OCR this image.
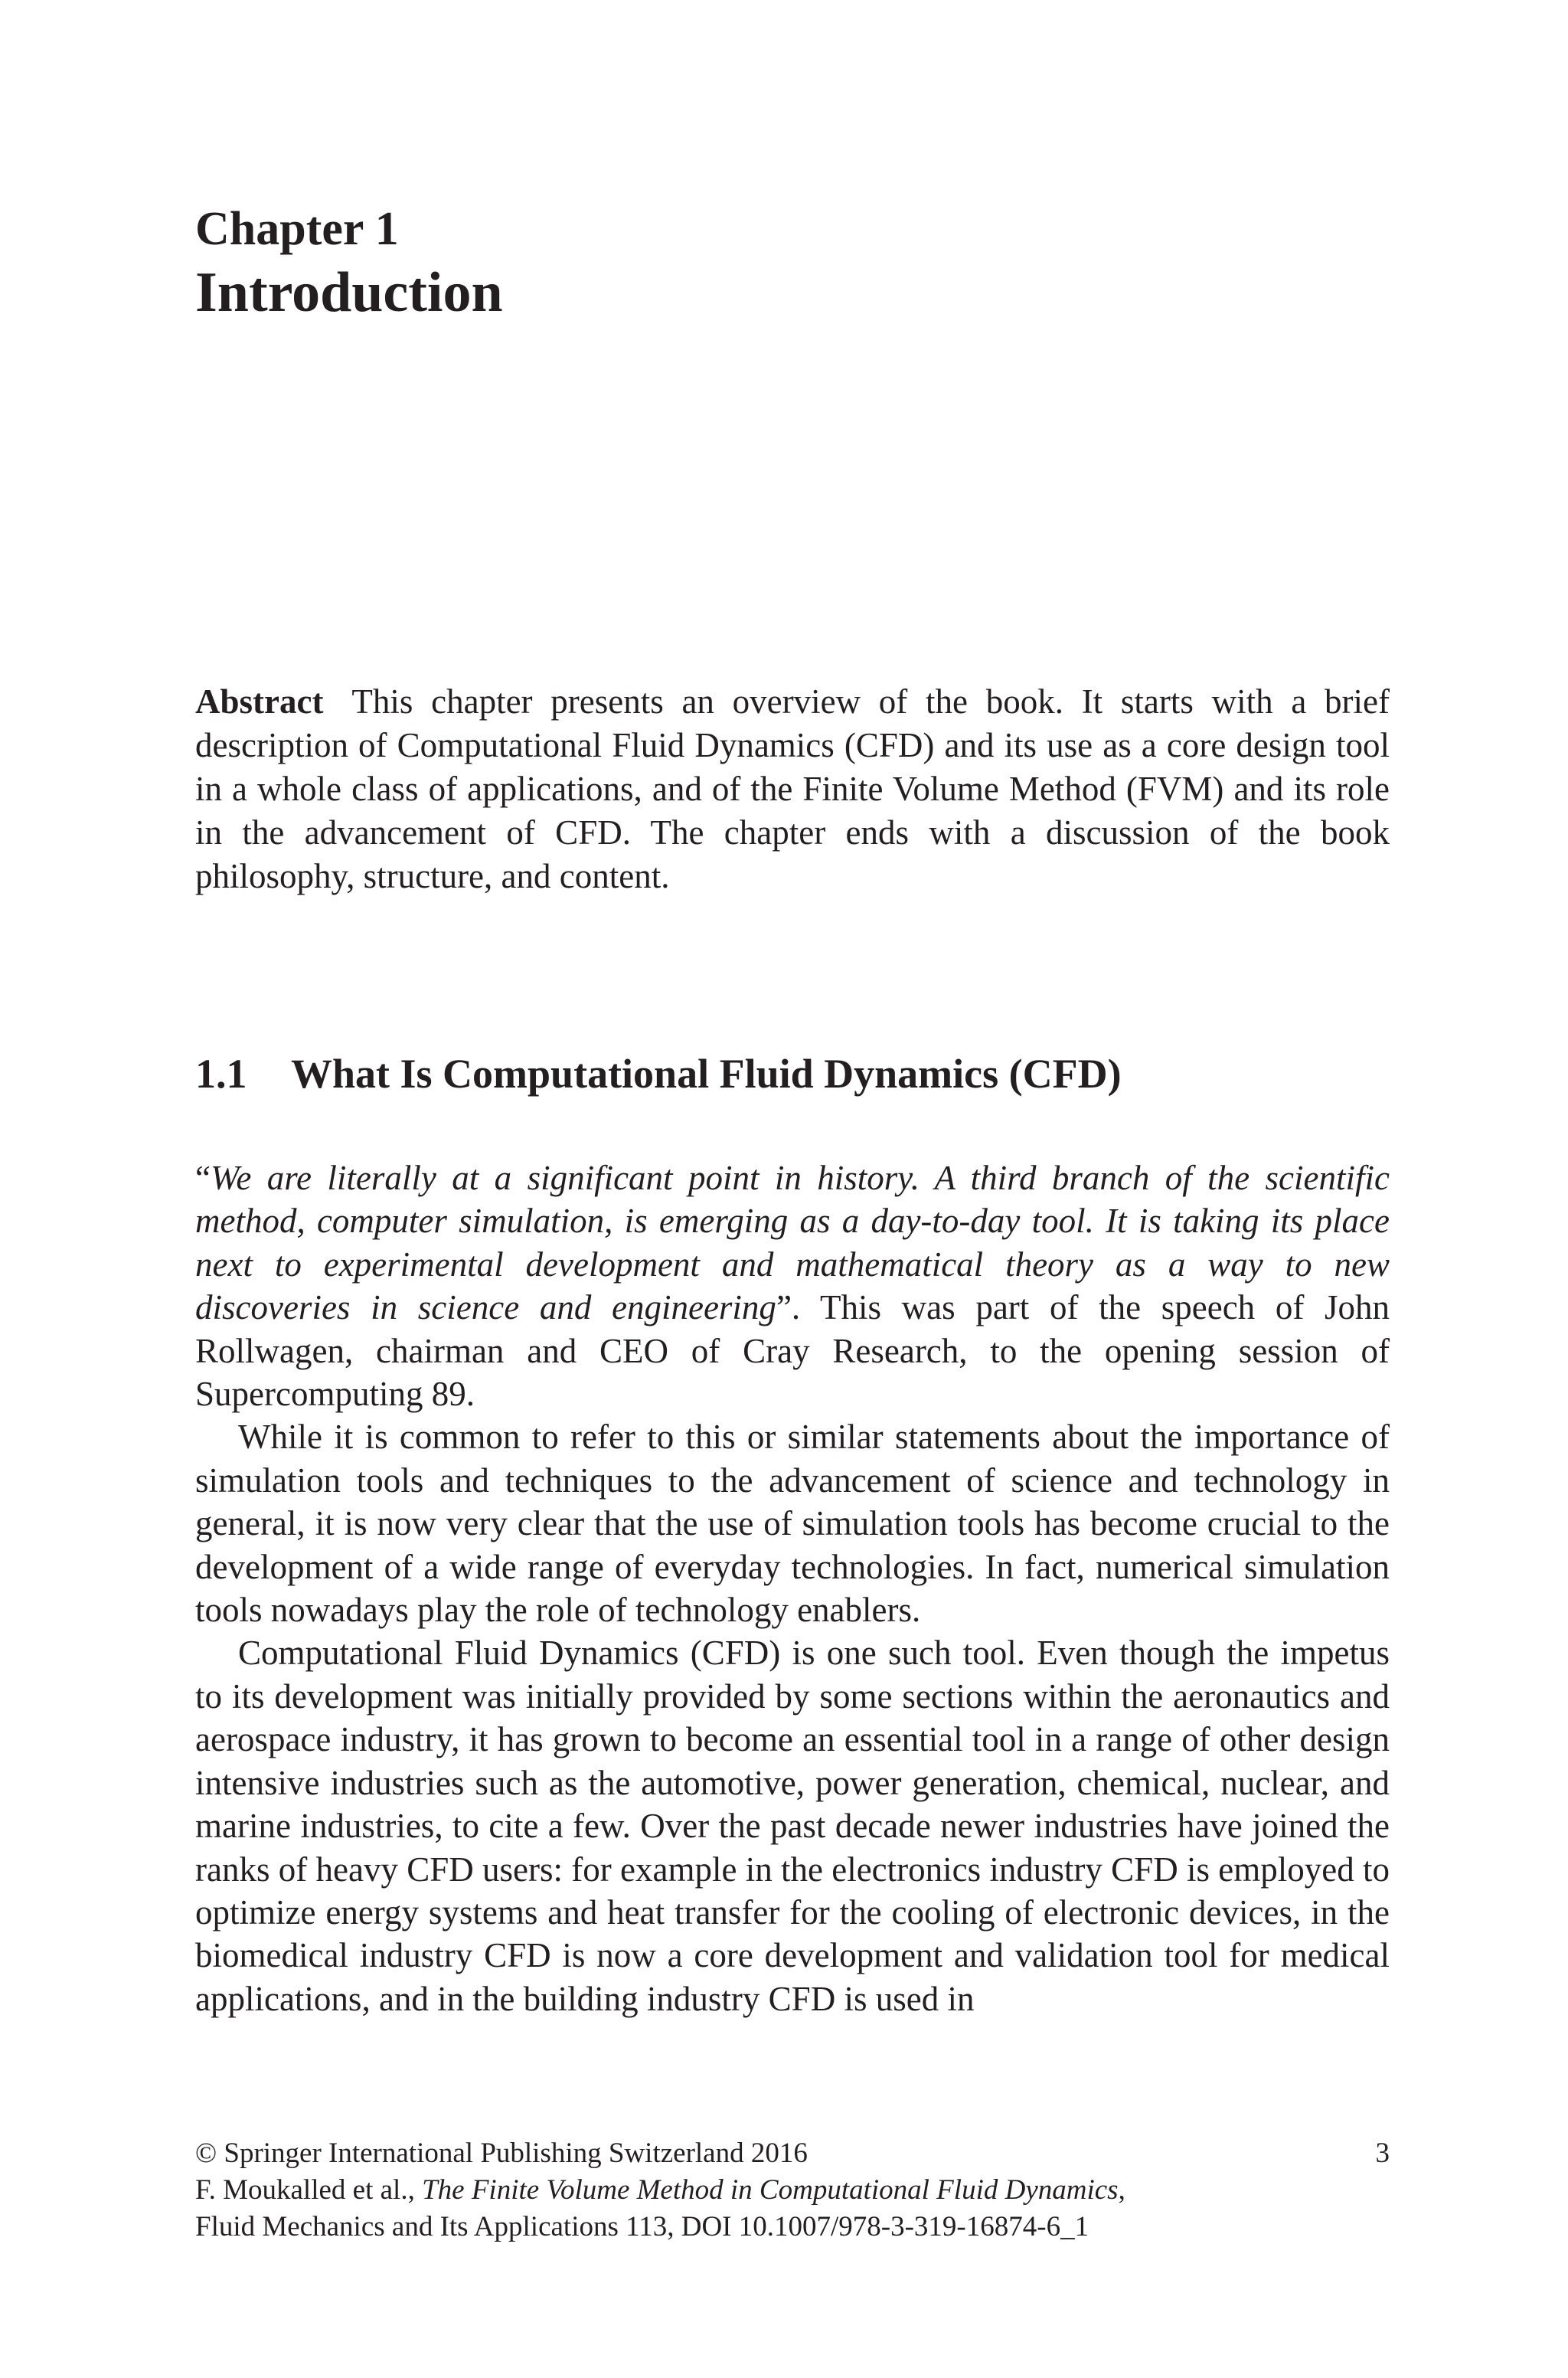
Chapter 1
Introduction

Abstract This chapter presents an overview of the book. It starts with a brief description of Computational Fluid Dynamics (CFD) and its use as a core design tool in a whole class of applications, and of the Finite Volume Method (FVM) and its role in the advancement of CFD. The chapter ends with a discussion of the book philosophy, structure, and content.

1.1 What Is Computational Fluid Dynamics (CFD)

“We are literally at a significant point in history. A third branch of the scientific method, computer simulation, is emerging as a day-to-day tool. It is taking its place next to experimental development and mathematical theory as a way to new discoveries in science and engineering”. This was part of the speech of John Rollwagen, chairman and CEO of Cray Research, to the opening session of Supercomputing 89.

While it is common to refer to this or similar statements about the importance of simulation tools and techniques to the advancement of science and technology in general, it is now very clear that the use of simulation tools has become crucial to the development of a wide range of everyday technologies. In fact, numerical simulation tools nowadays play the role of technology enablers.

Computational Fluid Dynamics (CFD) is one such tool. Even though the impetus to its development was initially provided by some sections within the aeronautics and aerospace industry, it has grown to become an essential tool in a range of other design intensive industries such as the automotive, power generation, chemical, nuclear, and marine industries, to cite a few. Over the past decade newer industries have joined the ranks of heavy CFD users: for example in the electronics industry CFD is employed to optimize energy systems and heat transfer for the cooling of electronic devices, in the biomedical industry CFD is now a core development and validation tool for medical applications, and in the building industry CFD is used in

© Springer International Publishing Switzerland 2016	3
F. Moukalled et al., The Finite Volume Method in Computational Fluid Dynamics,
Fluid Mechanics and Its Applications 113, DOI 10.1007/978-3-319-16874-6_1
